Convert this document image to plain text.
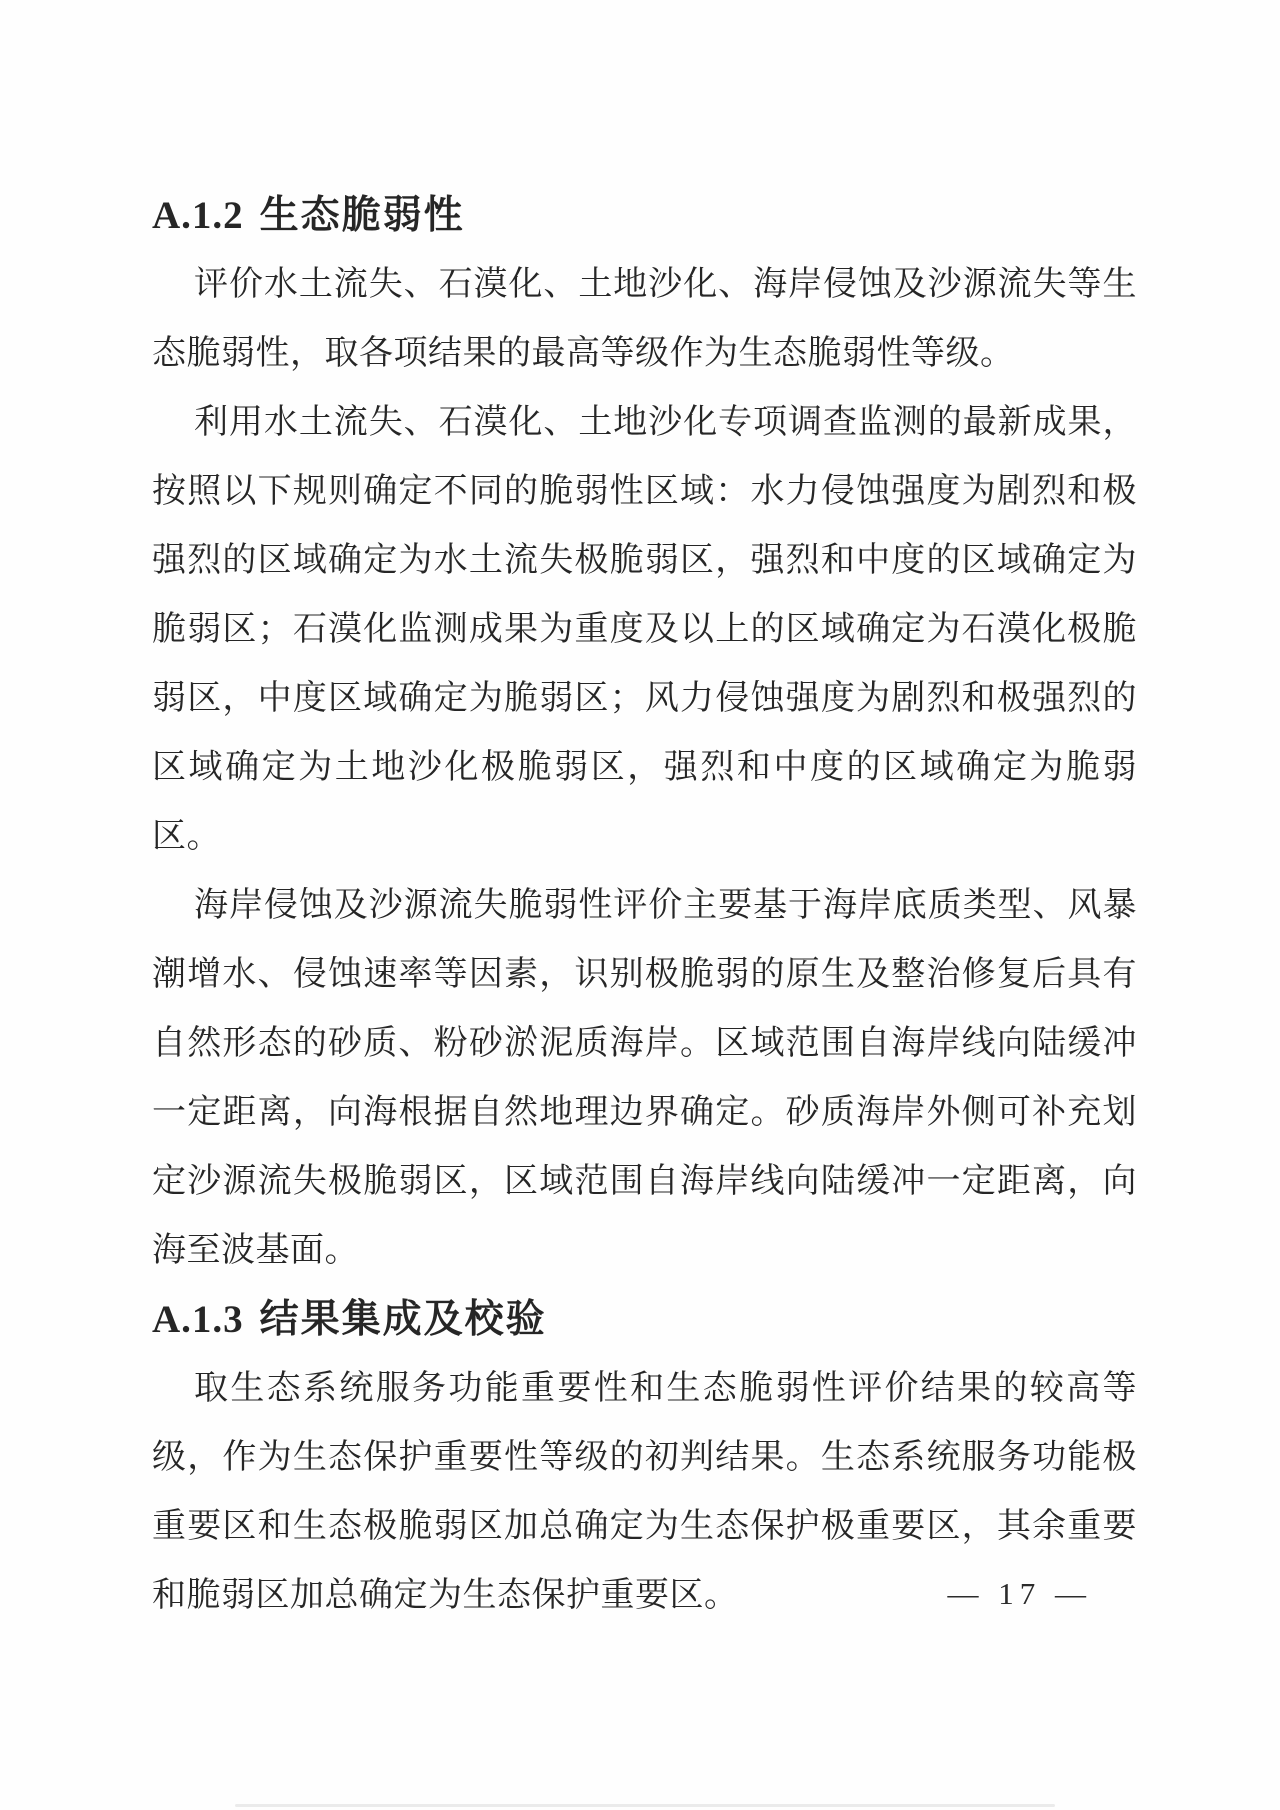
A.1.2 生态脆弱性

评价水土流失、石漠化、土地沙化、海岸侵蚀及沙源流失等生态脆弱性，取各项结果的最高等级作为生态脆弱性等级。

利用水土流失、石漠化、土地沙化专项调查监测的最新成果，按照以下规则确定不同的脆弱性区域：水力侵蚀强度为剧烈和极强烈的区域确定为水土流失极脆弱区，强烈和中度的区域确定为脆弱区；石漠化监测成果为重度及以上的区域确定为石漠化极脆弱区，中度区域确定为脆弱区；风力侵蚀强度为剧烈和极强烈的区域确定为土地沙化极脆弱区，强烈和中度的区域确定为脆弱区。

海岸侵蚀及沙源流失脆弱性评价主要基于海岸底质类型、风暴潮增水、侵蚀速率等因素，识别极脆弱的原生及整治修复后具有自然形态的砂质、粉砂淤泥质海岸。区域范围自海岸线向陆缓冲一定距离，向海根据自然地理边界确定。砂质海岸外侧可补充划定沙源流失极脆弱区，区域范围自海岸线向陆缓冲一定距离，向海至波基面。

A.1.3 结果集成及校验

取生态系统服务功能重要性和生态脆弱性评价结果的较高等级，作为生态保护重要性等级的初判结果。生态系统服务功能极重要区和生态极脆弱区加总确定为生态保护极重要区，其余重要和脆弱区加总确定为生态保护重要区。	— 17 —
